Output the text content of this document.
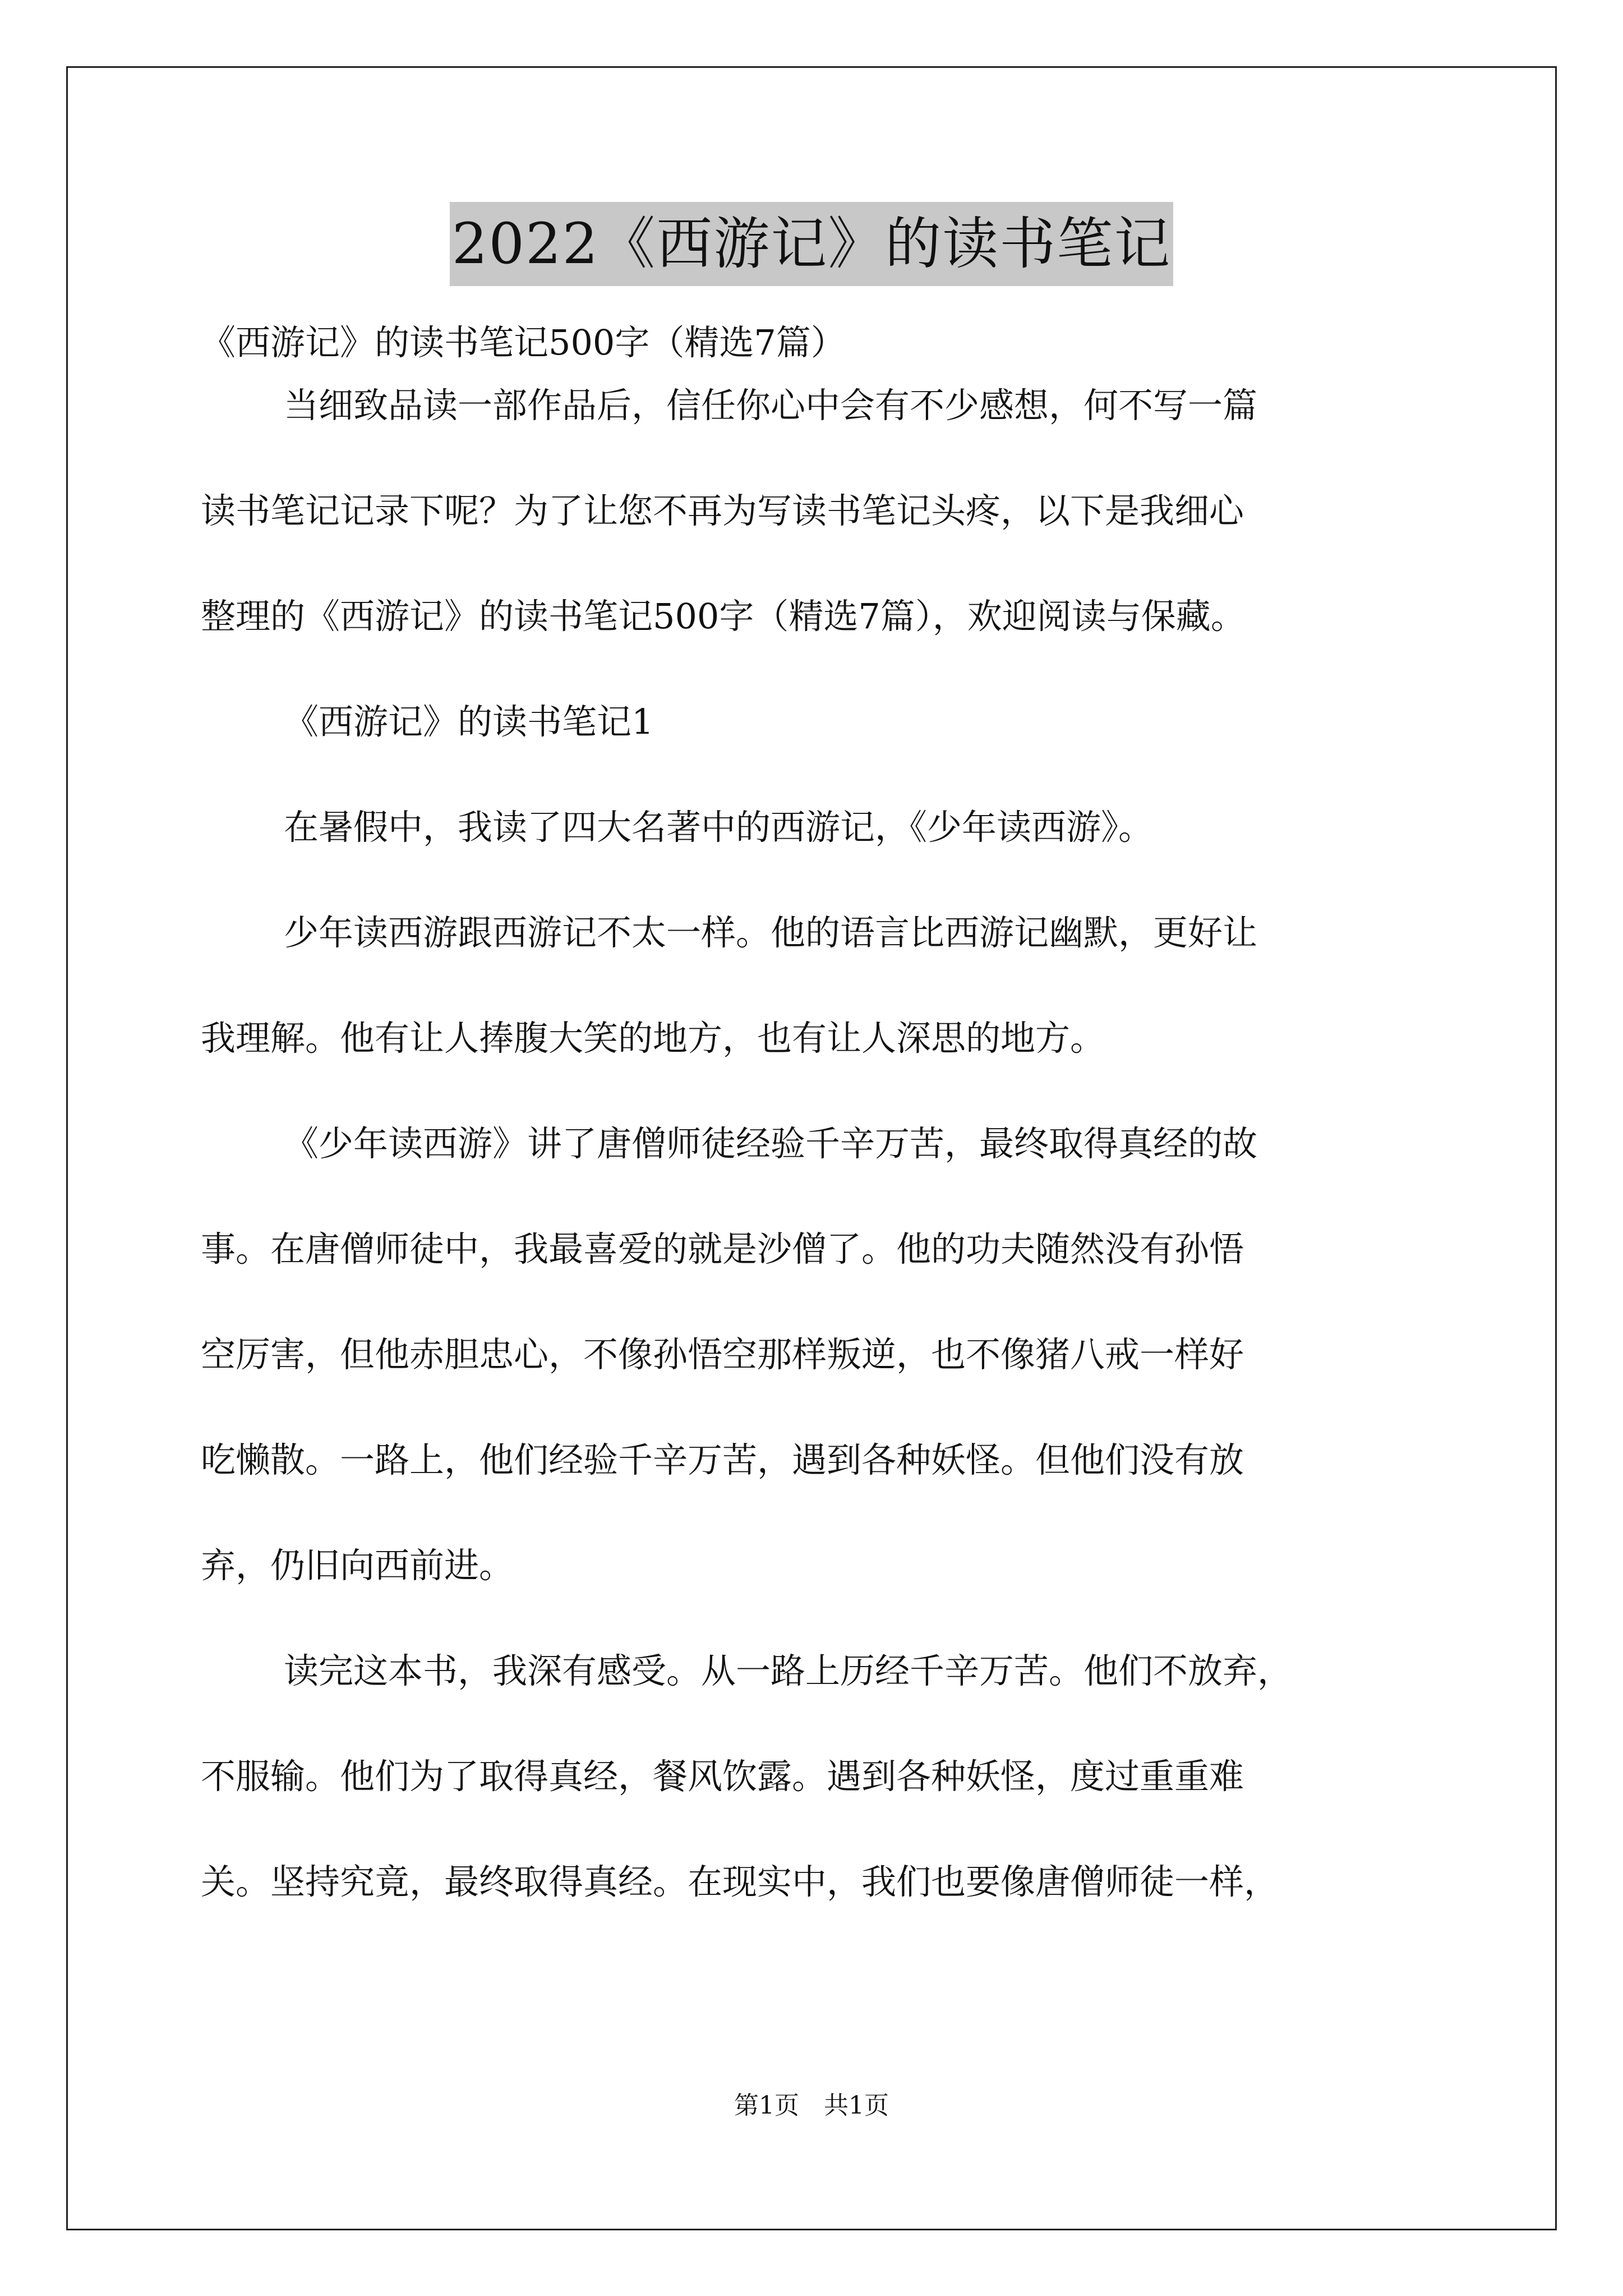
2022《西游记》的读书笔记
《西游记》的读书笔记500字（精选7篇）
当细致品读一部作品后，信任你心中会有不少感想，何不写一篇
读书笔记记录下呢？为了让您不再为写读书笔记头疼，以下是我细心
整理的《西游记》的读书笔记500字（精选7篇），欢迎阅读与保藏。
《西游记》的读书笔记1
在暑假中，我读了四大名著中的西游记，《少年读西游》。
少年读西游跟西游记不太一样。他的语言比西游记幽默，更好让
我理解。他有让人捧腹大笑的地方，也有让人深思的地方。
《少年读西游》讲了唐僧师徒经验千辛万苦，最终取得真经的故
事。在唐僧师徒中，我最喜爱的就是沙僧了。他的功夫随然没有孙悟
空厉害，但他赤胆忠心，不像孙悟空那样叛逆，也不像猪八戒一样好
吃懒散。一路上，他们经验千辛万苦，遇到各种妖怪。但他们没有放
弃，仍旧向西前进。
读完这本书，我深有感受。从一路上历经千辛万苦。他们不放弃，
不服输。他们为了取得真经，餐风饮露。遇到各种妖怪，度过重重难
关。坚持究竟，最终取得真经。在现实中，我们也要像唐僧师徒一样，
第1页　共1页
